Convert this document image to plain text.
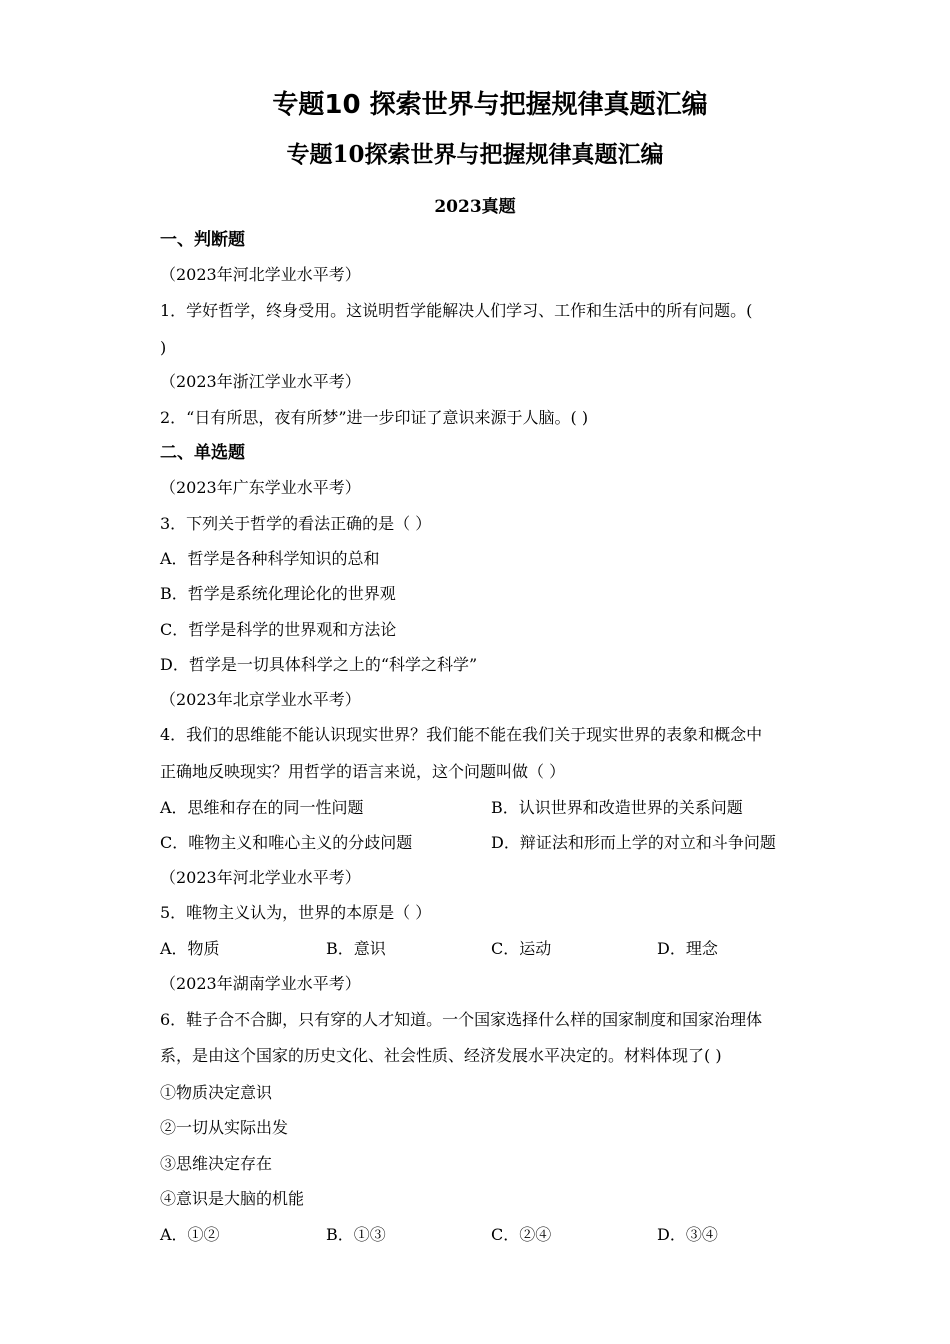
专题10 探索世界与把握规律真题汇编
专题10探索世界与把握规律真题汇编
2023真题
一、判断题
（2023年河北学业水平考）
1．学好哲学，终身受用。这说明哲学能解决人们学习、工作和生活中的所有问题。(
)
（2023年浙江学业水平考）
2．“日有所思，夜有所梦”进一步印证了意识来源于人脑。( )
二、单选题
（2023年广东学业水平考）
3．下列关于哲学的看法正确的是（ ）
A．哲学是各种科学知识的总和
B．哲学是系统化理论化的世界观
C．哲学是科学的世界观和方法论
D．哲学是一切具体科学之上的“科学之科学”
（2023年北京学业水平考）
4．我们的思维能不能认识现实世界？我们能不能在我们关于现实世界的表象和概念中
正确地反映现实？用哲学的语言来说，这个问题叫做（ ）
A．思维和存在的同一性问题	B．认识世界和改造世界的关系问题
C．唯物主义和唯心主义的分歧问题	D．辩证法和形而上学的对立和斗争问题
（2023年河北学业水平考）
5．唯物主义认为，世界的本原是（ ）
A．物质	B．意识	C．运动	D．理念
（2023年湖南学业水平考）
6．鞋子合不合脚，只有穿的人才知道。一个国家选择什么样的国家制度和国家治理体
系，是由这个国家的历史文化、社会性质、经济发展水平决定的。材料体现了( )
①物质决定意识
②一切从实际出发
③思维决定存在
④意识是大脑的机能
A．①②	B．①③	C．②④	D．③④
